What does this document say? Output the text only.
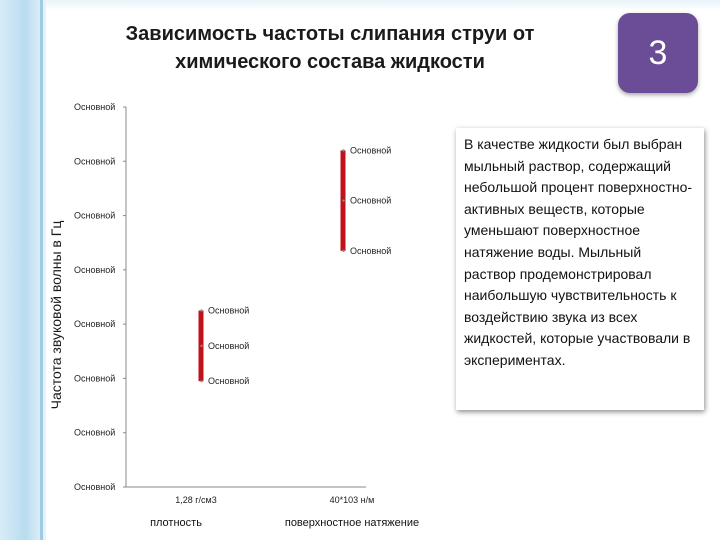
Зависимость частоты слипания струи от химического состава жидкости	3
Частота звуковой волны в Гц
Основной
Основной
Основной
Основной
Основной
Основной
Основной
Основной
Основной
Основной
Основной
Основной
Основной
Основной
1,28 г/см3	40*103 н/м
плотность	поверхностное натяжение
В качестве жидкости был выбран мыльный раствор, содержащий небольшой процент поверхностно-активных веществ, которые уменьшают поверхностное натяжение воды. Мыльный раствор продемонстрировал наибольшую чувствительность к воздействию звука из всех жидкостей, которые участвовали в экспериментах.
